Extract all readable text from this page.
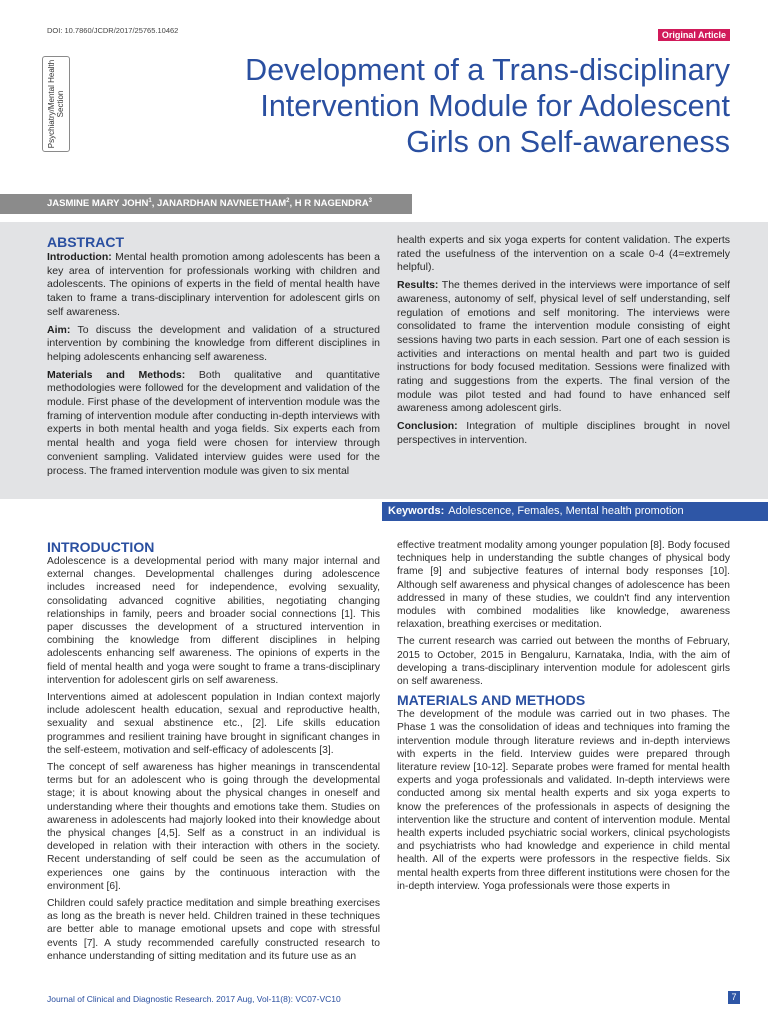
DOI: 10.7860/JCDR/2017/25765.10462	Original Article
Psychiatry/Mental Health Section
Development of a Trans-disciplinary
Intervention Module for Adolescent
Girls on Self-awareness
JASMINE MARY JOHN$^1$, JANARDHAN NAVNEETHAM$^2$, H R NAGENDRA$^3$
ABSTRACT

Introduction: Mental health promotion among adolescents has been a key area of intervention for professionals working with children and adolescents. The opinions of experts in the field of mental health have taken to frame a trans-disciplinary intervention for adolescent girls on self awareness.

Aim: To discuss the development and validation of a structured intervention by combining the knowledge from different disciplines in helping adolescents enhancing self awareness.

Materials and Methods: Both qualitative and quantitative methodologies were followed for the development and validation of the module. First phase of the development of intervention module was the framing of intervention module after conducting in-depth interviews with experts in both mental health and yoga fields. Six experts each from mental health and yoga field were chosen for interview through convenient sampling. Validated interview guides were used for the process. The framed intervention module was given to six mental

health experts and six yoga experts for content validation. The experts rated the usefulness of the intervention on a scale 0-4 (4=extremely helpful).

Results: The themes derived in the interviews were importance of self awareness, autonomy of self, physical level of self understanding, self regulation of emotions and self monitoring. The interviews were consolidated to frame the intervention module consisting of eight sessions having two parts in each session. Part one of each session is activities and interactions on mental health and part two is guided instructions for body focused meditation. Sessions were finalized with rating and suggestions from the experts. The final version of the module was pilot tested and had found to have enhanced self awareness among adolescent girls.

Conclusion: Integration of multiple disciplines brought in novel perspectives in intervention.

Keywords: Adolescence, Females, Mental health promotion
INTRODUCTION

Adolescence is a developmental period with many major internal and external changes. Developmental challenges during adolescence includes increased need for independence, evolving sexuality, consolidating advanced cognitive abilities, negotiating changing relationships in family, peers and broader social connections [1]. This paper discusses the development of a structured intervention in combining the knowledge from different disciplines in helping adolescents enhancing self awareness. The opinions of experts in the field of mental health and yoga were sought to frame a trans-disciplinary intervention for adolescent girls on self awareness.

Interventions aimed at adolescent population in Indian context majorly include adolescent health education, sexual and reproductive health, sexuality and sexual abstinence etc., [2]. Life skills education programmes and resilient training have brought in significant changes in the self-esteem, motivation and self-efficacy of adolescents [3].

The concept of self awareness has higher meanings in transcendental terms but for an adolescent who is going through the developmental stage; it is about knowing about the physical changes in oneself and understanding where their thoughts and emotions take them. Studies on awareness in adolescents had majorly looked into their knowledge about the physical changes [4,5]. Self as a construct in an individual is developed in relation with their interaction with others in the society. Recent understanding of self could be seen as the accumulation of experiences one gains by the continuous interaction with the environment [6].

Children could safely practice meditation and simple breathing exercises as long as the breath is never held. Children trained in these techniques are better able to manage emotional upsets and cope with stressful events [7]. A study recommended carefully constructed research to enhance understanding of sitting meditation and its future use as an

effective treatment modality among younger population [8]. Body focused techniques help in understanding the subtle changes of physical body frame [9] and subjective features of internal body responses [10]. Although self awareness and physical changes of adolescence has been addressed in many of these studies, we couldn't find any intervention modules with combined modalities like knowledge, awareness relaxation, breathing exercises or meditation.

The current research was carried out between the months of February, 2015 to October, 2015 in Bengaluru, Karnataka, India, with the aim of developing a trans-disciplinary intervention module for adolescent girls on self awareness.

MATERIALS AND METHODS

The development of the module was carried out in two phases. The Phase 1 was the consolidation of ideas and techniques into framing the intervention module through literature reviews and in-depth interviews with experts in the field. Interview guides were prepared through literature review [10-12]. Separate probes were framed for mental health experts and yoga professionals and validated. In-depth interviews were conducted among six mental health experts and six yoga experts to know the preferences of the professionals in aspects of designing the intervention like the structure and content of intervention module. Mental health experts included psychiatric social workers, clinical psychologists and psychiatrists who had knowledge and experience in child mental health. All of the experts were professors in the respective fields. Six mental health experts from three different institutions were chosen for the in-depth interview. Yoga professionals were those experts in

Journal of Clinical and Diagnostic Research. 2017 Aug, Vol-11(8): VC07-VC10	7
